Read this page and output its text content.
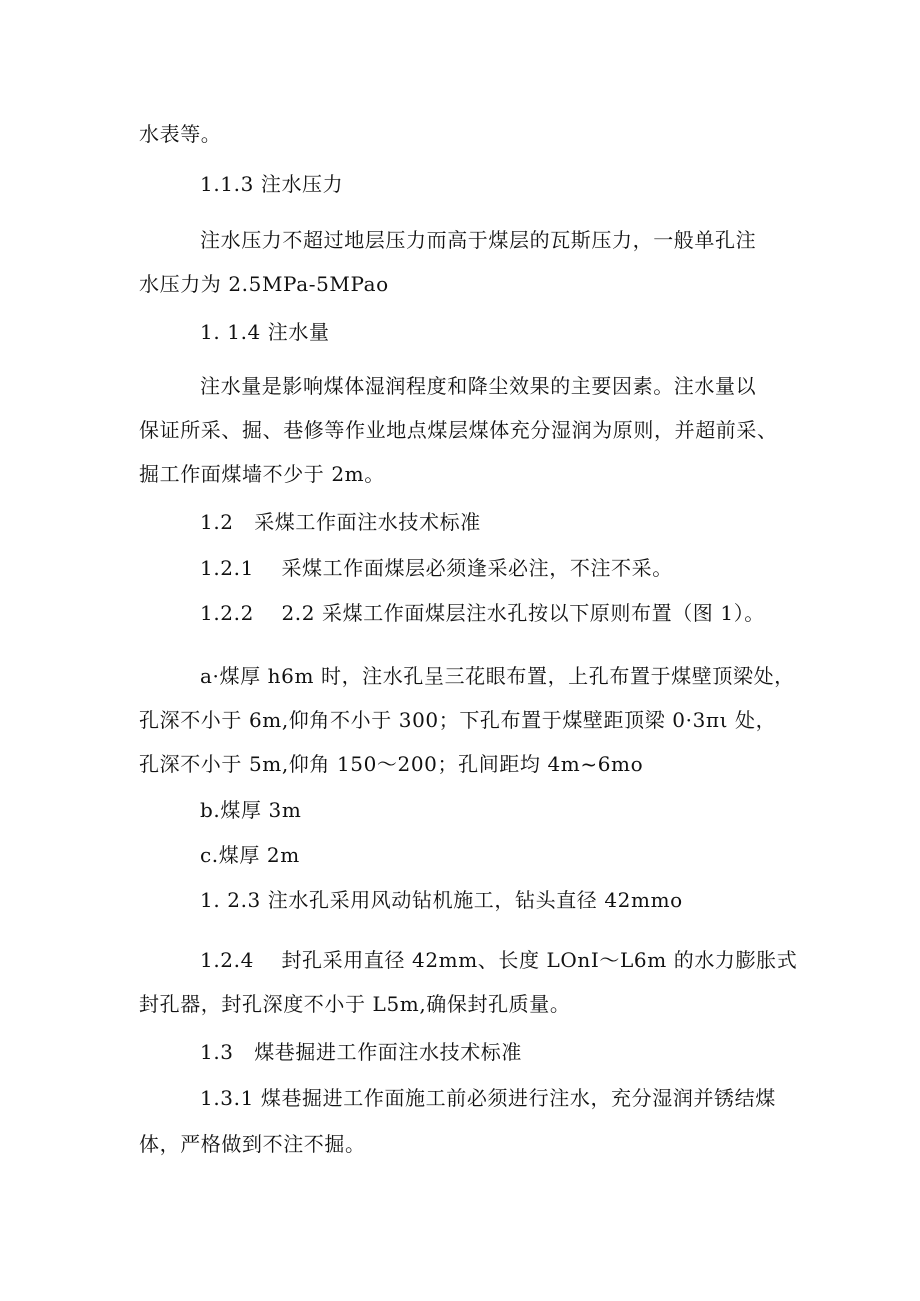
水表等。
1.1.3 注水压力
注水压力不超过地层压力而高于煤层的瓦斯压力，一般单孔注
水压力为 2.5MPa-5MPao
1. 1.4 注水量
注水量是影响煤体湿润程度和降尘效果的主要因素。注水量以
保证所采、掘、巷修等作业地点煤层煤体充分湿润为原则，并超前采、
掘工作面煤墙不少于 2m。
1.2　采煤工作面注水技术标准
1.2.1　 采煤工作面煤层必须逢采必注，不注不采。
1.2.2　 2.2 采煤工作面煤层注水孔按以下原则布置（图 1）。
a·煤厚 h6m 时，注水孔呈三花眼布置，上孔布置于煤壁顶梁处，
孔深不小于 6m,仰角不小于 300；下孔布置于煤壁距顶梁 0·3πι 处，
孔深不小于 5m,仰角 150～200；孔间距均 4m~6mo
b.煤厚 3m
c.煤厚 2m
1. 2.3 注水孔采用风动钻机施工，钻头直径 42mmo
1.2.4　 封孔采用直径 42mm、长度 LOnI～L6m 的水力膨胀式
封孔器，封孔深度不小于 L5m,确保封孔质量。
1.3　煤巷掘进工作面注水技术标准
1.3.1 煤巷掘进工作面施工前必须进行注水，充分湿润并锈结煤
体，严格做到不注不掘。
